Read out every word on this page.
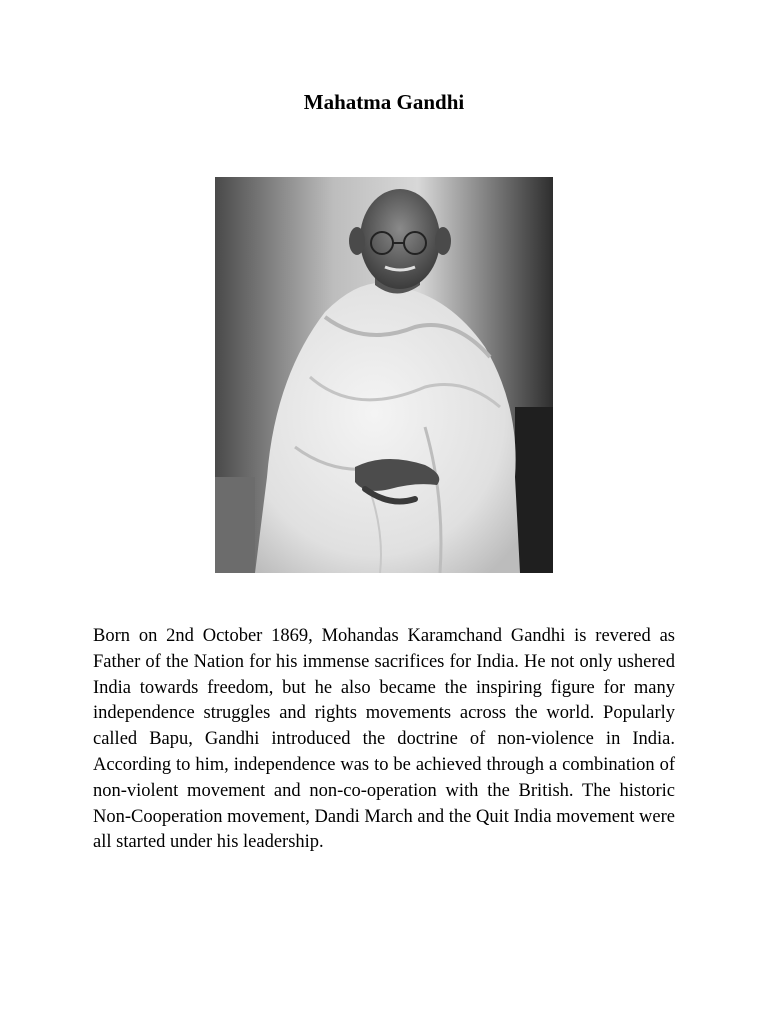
Mahatma Gandhi

Born on 2nd October 1869, Mohandas Karamchand Gandhi is revered as Father of the Nation for his immense sacrifices for India. He not only ushered India towards freedom, but he also became the inspiring figure for many independence struggles and rights movements across the world. Popularly called Bapu, Gandhi introduced the doctrine of non-violence in India. According to him, independence was to be achieved through a combination of non-violent movement and non-co-operation with the British. The historic Non-Cooperation movement, Dandi March and the Quit India movement were all started under his leadership.
